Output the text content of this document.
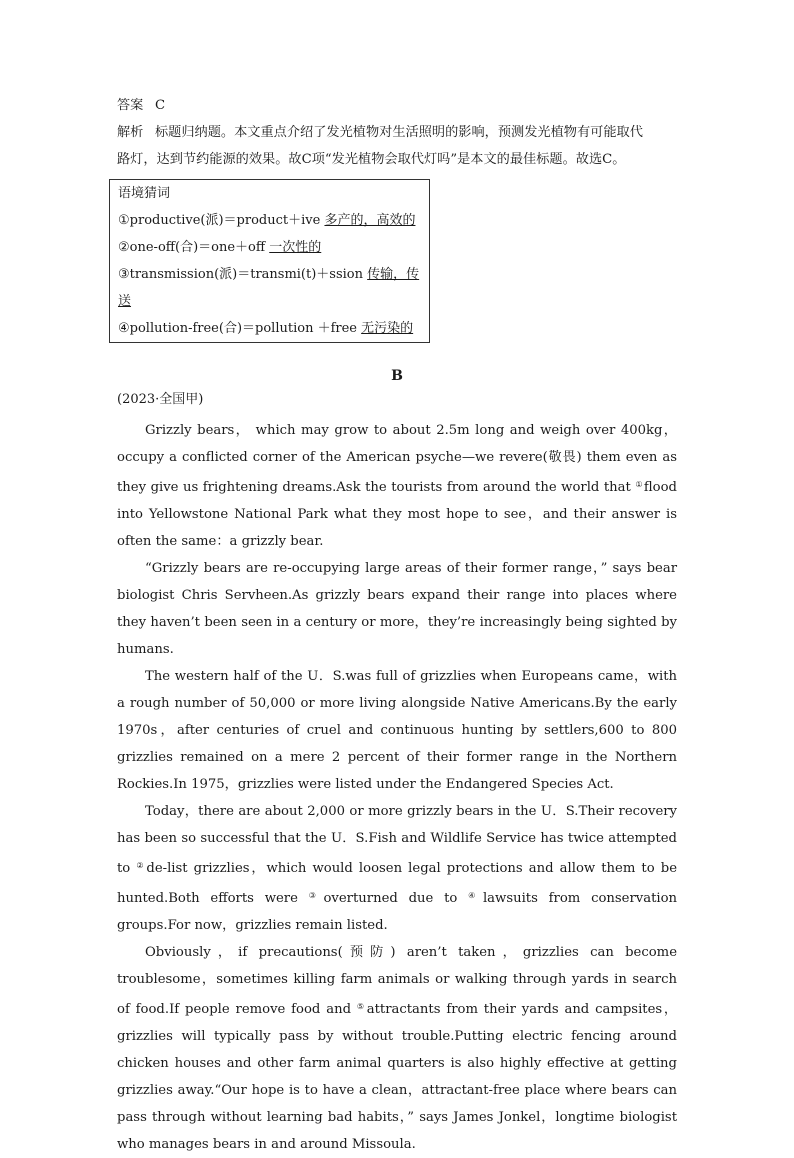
答案 C
解析 标题归纳题。本文重点介绍了发光植物对生活照明的影响，预测发光植物有可能取代
路灯，达到节约能源的效果。故C项“发光植物会取代灯吗”是本文的最佳标题。故选C。
语境猜词
①productive(派)＝product＋ive 多产的，高效的
②one-off(合)＝one＋off 一次性的
③transmission(派)＝transmi(t)＋ssion 传输，传送
④pollution-free(合)＝pollution ＋free 无污染的
B
(2023·全国甲)

Grizzly bears， which may grow to about 2.5m long and weigh over 400kg， occupy a conflicted corner of the American psyche—we revere(敬畏) them even as they give us frightening dreams.Ask the tourists from around the world that ①flood into Yellowstone National Park what they most hope to see，and their answer is often the same：a grizzly bear.

“Grizzly bears are re-occupying large areas of their former range，” says bear biologist Chris Servheen.As grizzly bears expand their range into places where they haven’t been seen in a century or more，they’re increasingly being sighted by humans.

The western half of the U．S.was full of grizzlies when Europeans came，with a rough number of 50,000 or more living alongside Native Americans.By the early 1970s，after centuries of cruel and continuous hunting by settlers,600 to 800 grizzlies remained on a mere 2 percent of their former range in the Northern Rockies.In 1975，grizzlies were listed under the Endangered Species Act.

Today，there are about 2,000 or more grizzly bears in the U．S.Their recovery has been so successful that the U．S.Fish and Wildlife Service has twice attempted to ②de-list grizzlies，which would loosen legal protections and allow them to be hunted.Both efforts were ③overturned due to ④lawsuits from conservation groups.For now，grizzlies remain listed.

Obviously，if precautions(预防) aren’t taken，grizzlies can become troublesome，sometimes killing farm animals or walking through yards in search of food.If people remove food and ⑤attractants from their yards and campsites，grizzlies will typically pass by without trouble.Putting electric fencing around chicken houses and other farm animal quarters is also highly effective at getting grizzlies away.“Our hope is to have a clean，attractant-free place where bears can pass through without learning bad habits，” says James Jonkel，longtime biologist who manages bears in and around Missoula.
